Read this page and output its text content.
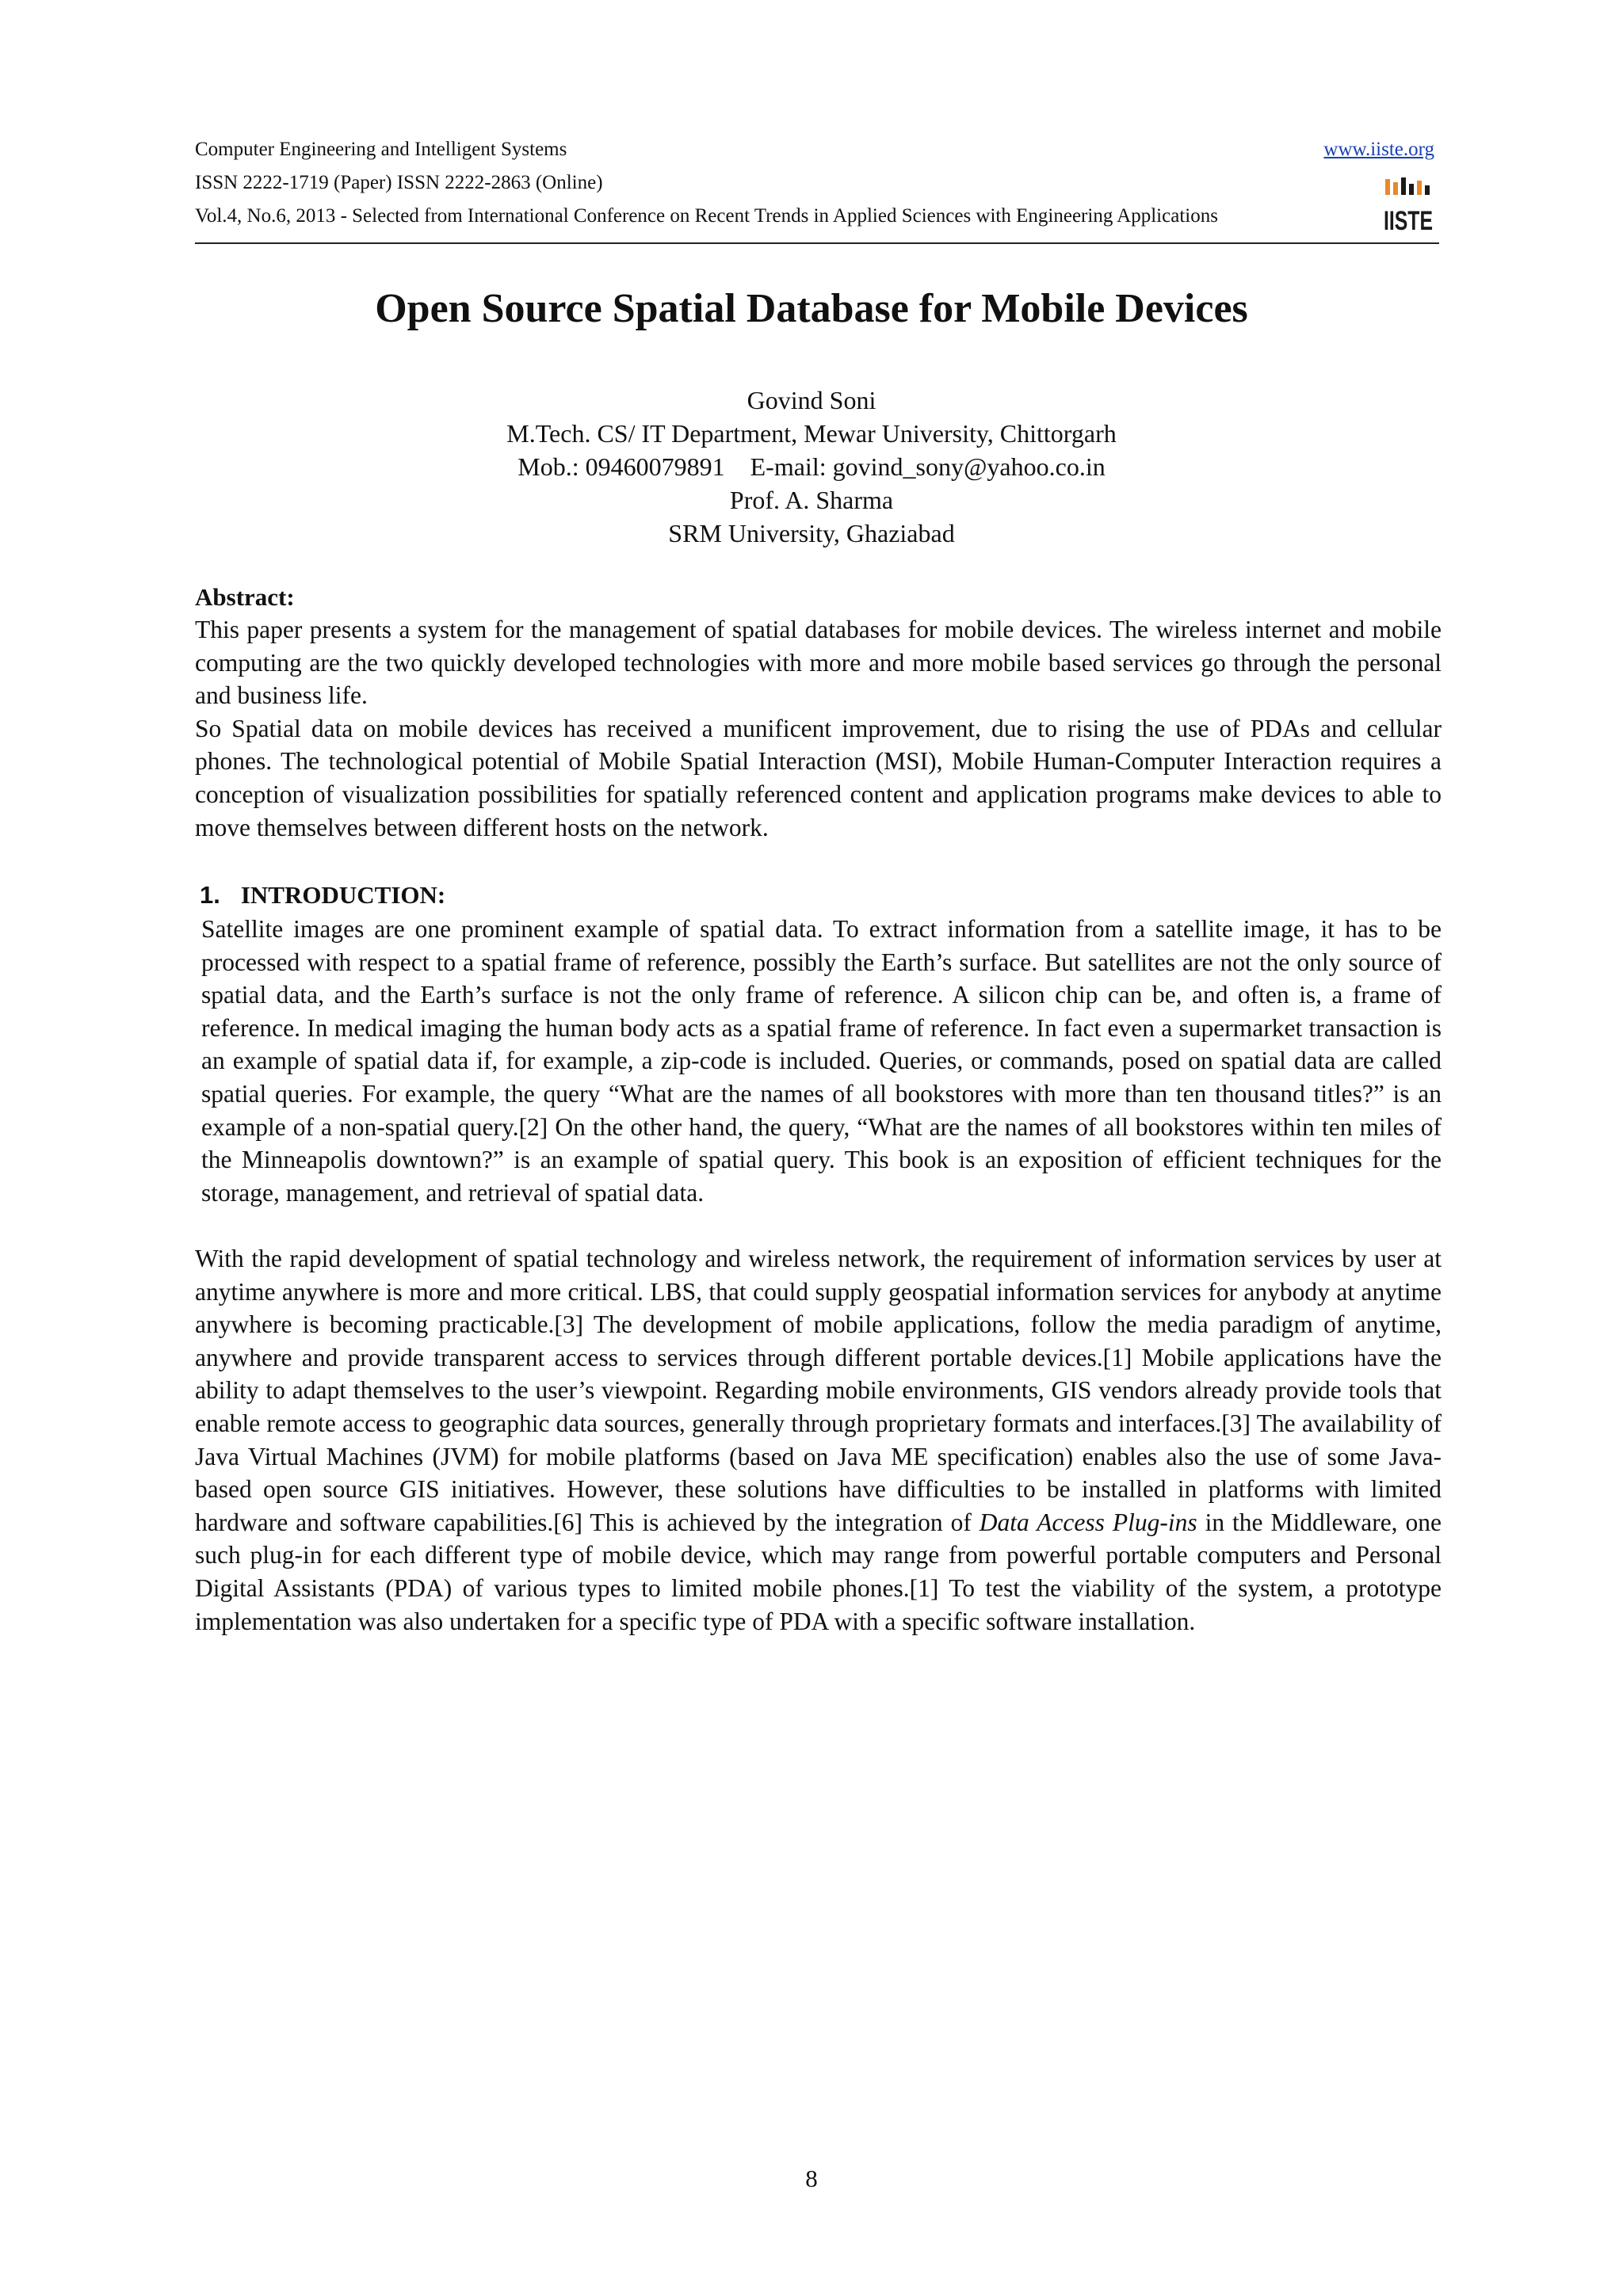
Computer Engineering and Intelligent Systems
ISSN 2222-1719 (Paper) ISSN 2222-2863 (Online)
Vol.4, No.6, 2013 - Selected from International Conference on Recent Trends in Applied Sciences with Engineering Applications
www.iiste.org
IISTE
Open Source Spatial Database for Mobile Devices
Govind Soni
M.Tech. CS/ IT Department, Mewar University, Chittorgarh
Mob.: 09460079891    E-mail: govind_sony@yahoo.co.in
Prof. A. Sharma
SRM University, Ghaziabad
Abstract:

This paper presents a system for the management of spatial databases for mobile devices. The wireless internet and mobile computing are the two quickly developed technologies with more and more mobile based services go through the personal and business life.

So Spatial data on mobile devices has received a munificent improvement, due to rising the use of PDAs and cellular phones. The technological potential of Mobile Spatial Interaction (MSI), Mobile Human-Computer Interaction requires a conception of visualization possibilities for spatially referenced content and application programs make devices to able to move themselves between different hosts on the network.

1. INTRODUCTION:

Satellite images are one prominent example of spatial data. To extract information from a satellite image, it has to be processed with respect to a spatial frame of reference, possibly the Earth’s surface. But satellites are not the only source of spatial data, and the Earth’s surface is not the only frame of reference. A silicon chip can be, and often is, a frame of reference. In medical imaging the human body acts as a spatial frame of reference. In fact even a supermarket transaction is an example of spatial data if, for example, a zip-code is included. Queries, or commands, posed on spatial data are called spatial queries. For example, the query “What are the names of all bookstores with more than ten thousand titles?” is an example of a non-spatial query.[2] On the other hand, the query, “What are the names of all bookstores within ten miles of the Minneapolis downtown?” is an example of spatial query. This book is an exposition of efficient techniques for the storage, management, and retrieval of spatial data.

With the rapid development of spatial technology and wireless network, the requirement of information services by user at anytime anywhere is more and more critical. LBS, that could supply geospatial information services for anybody at anytime anywhere is becoming practicable.[3] The development of mobile applications, follow the media paradigm of anytime, anywhere and provide transparent access to services through different portable devices.[1] Mobile applications have the ability to adapt themselves to the user’s viewpoint. Regarding mobile environments, GIS vendors already provide tools that enable remote access to geographic data sources, generally through proprietary formats and interfaces.[3] The availability of Java Virtual Machines (JVM) for mobile platforms (based on Java ME specification) enables also the use of some Java-based open source GIS initiatives. However, these solutions have difficulties to be installed in platforms with limited hardware and software capabilities.[6] This is achieved by the integration of Data Access Plug-ins in the Middleware, one such plug-in for each different type of mobile device, which may range from powerful portable computers and Personal Digital Assistants (PDA) of various types to limited mobile phones.[1] To test the viability of the system, a prototype implementation was also undertaken for a specific type of PDA with a specific software installation.

8
